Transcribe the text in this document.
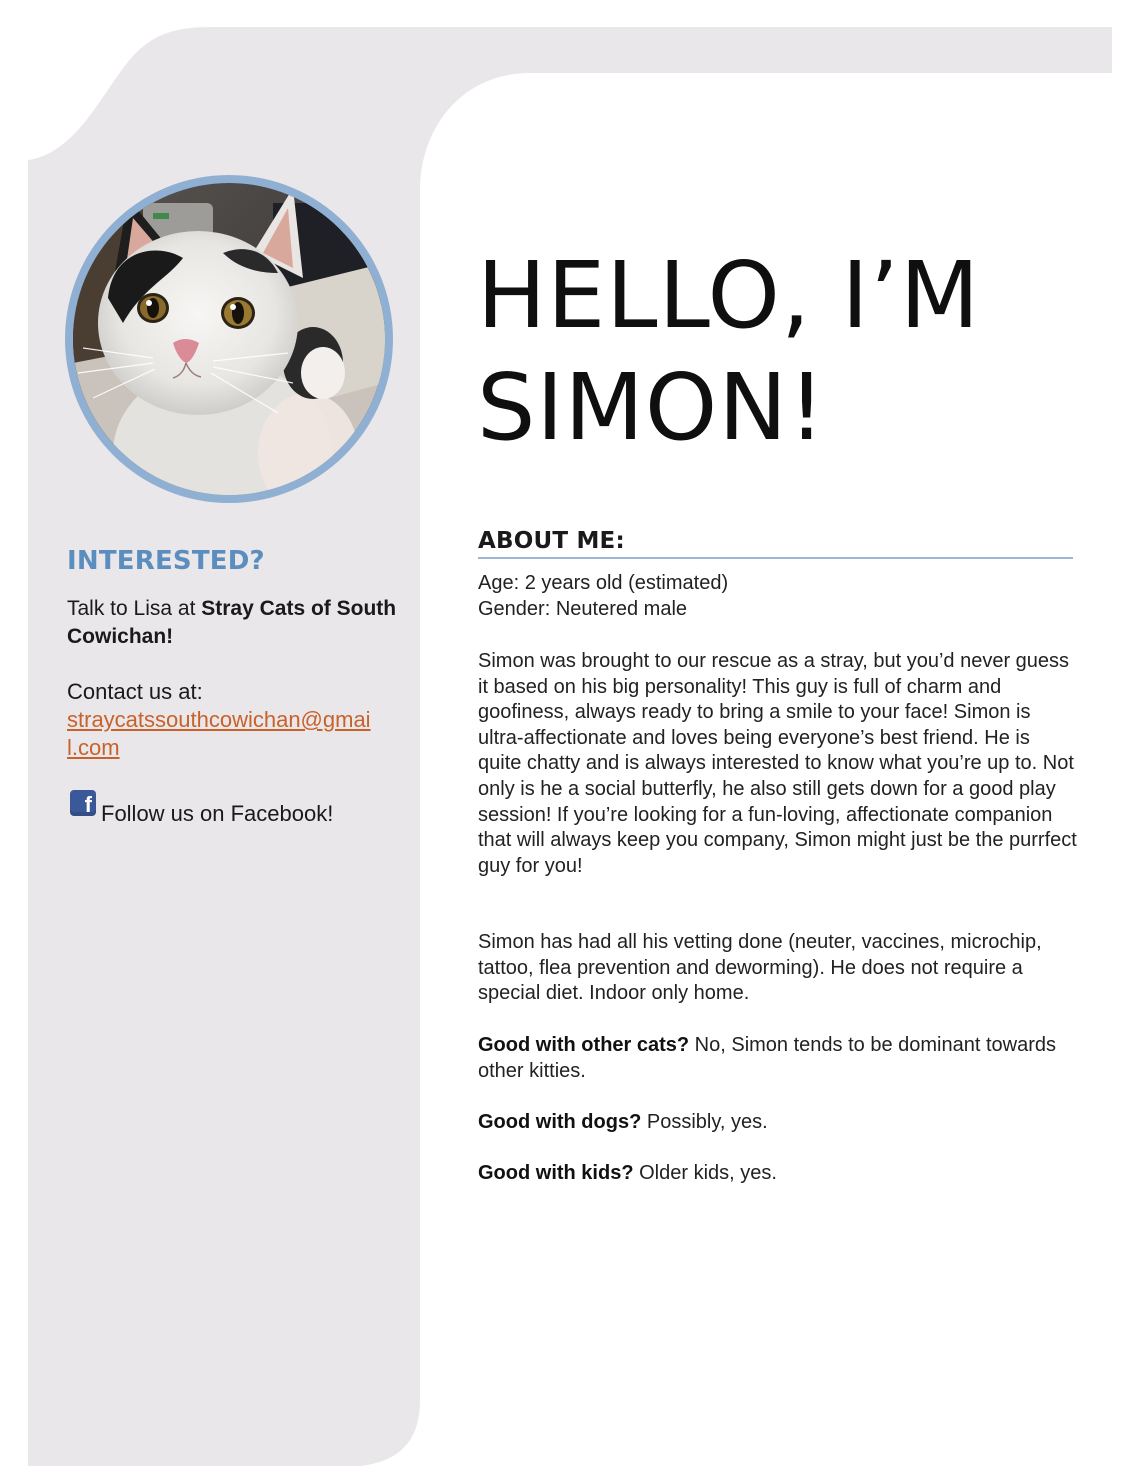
INTERESTED?

Talk to Lisa at Stray Cats of South Cowichan!

Contact us at:

straycatssouthcowichan@gmail.com
f Follow us on Facebook!
HELLO, I’M
SIMON!
ABOUT ME:

Age: 2 years old (estimated)
Gender: Neutered male

Simon was brought to our rescue as a stray, but you’d never guess it based on his big personality! This guy is full of charm and goofiness, always ready to bring a smile to your face! Simon is ultra-affectionate and loves being everyone’s best friend. He is quite chatty and is always interested to know what you’re up to. Not only is he a social butterfly, he also still gets down for a good play session! If you’re looking for a fun-loving, affectionate companion that will always keep you company, Simon might just be the purrfect guy for you!

Simon has had all his vetting done (neuter, vaccines, microchip, tattoo, flea prevention and deworming). He does not require a special diet. Indoor only home.

Good with other cats? No, Simon tends to be dominant towards other kitties.

Good with dogs? Possibly, yes.

Good with kids? Older kids, yes.
